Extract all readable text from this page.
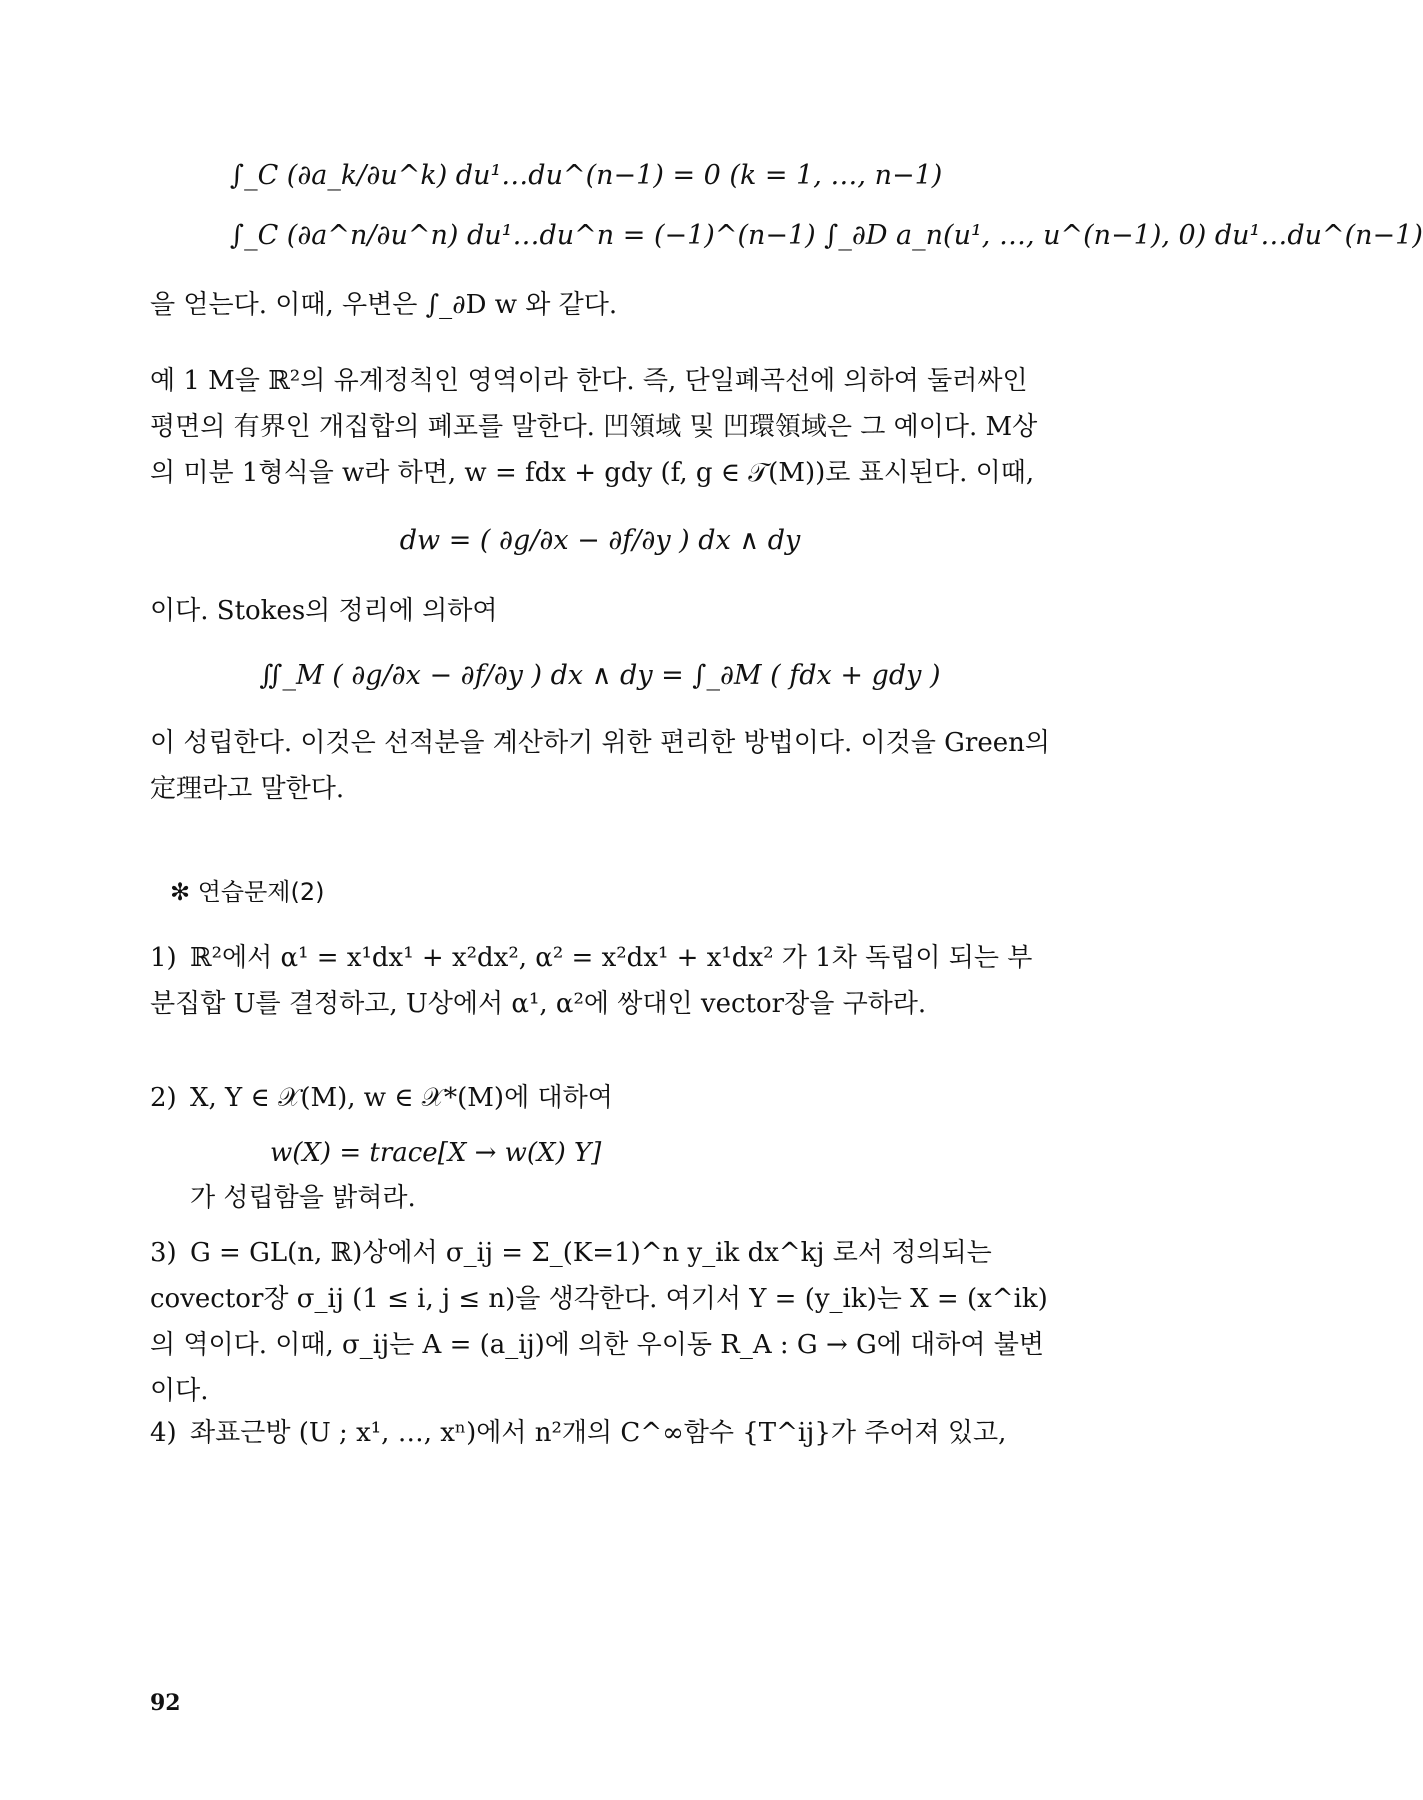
∫_C (∂a_k/∂u^k) du¹…du^(n−1) = 0 (k = 1, …, n−1)
∫_C (∂a^n/∂u^n) du¹…du^n = (−1)^(n−1) ∫_∂D a_n(u¹, …, u^(n−1), 0) du¹…du^(n−1)
을 얻는다. 이때, 우변은 ∫_∂D w 와 같다.
예 1 M을 ℝ²의 유계정칙인 영역이라 한다. 즉, 단일폐곡선에 의하여 둘러싸인 평면의 有界인 개집합의 폐포를 말한다. 凹領域 및 凹環領域은 그 예이다. M상의 미분 1형식을 w라 하면, w = fdx + gdy (f, g ∈ 𝒯(M))로 표시된다. 이때,
dw = ( ∂g/∂x − ∂f/∂y ) dx ∧ dy
이다. Stokes의 정리에 의하여
∬_M ( ∂g/∂x − ∂f/∂y ) dx ∧ dy = ∫_∂M ( fdx + gdy )
이 성립한다. 이것은 선적분을 계산하기 위한 편리한 방법이다. 이것을 Green의 定理라고 말한다.
✻ 연습문제(2)
1) ℝ²에서 α¹ = x¹dx¹ + x²dx², α² = x²dx¹ + x¹dx² 가 1차 독립이 되는 부분집합 U를 결정하고, U상에서 α¹, α²에 쌍대인 vector장을 구하라.
2) X, Y ∈ 𝒳(M), w ∈ 𝒳*(M)에 대하여
w(X) = trace[X → w(X) Y]
가 성립함을 밝혀라.
3) G = GL(n, ℝ)상에서 σ_ij = Σ_(K=1)^n y_ik dx^kj 로서 정의되는 covector장 σ_ij (1 ≤ i, j ≤ n)을 생각한다. 여기서 Y = (y_ik)는 X = (x^ik)의 역이다. 이때, σ_ij는 A = (a_ij)에 의한 우이동 R_A : G → G에 대하여 불변이다.
4) 좌표근방 (U ; x¹, …, xⁿ)에서 n²개의 C^∞함수 {T^ij}가 주어져 있고,
92
